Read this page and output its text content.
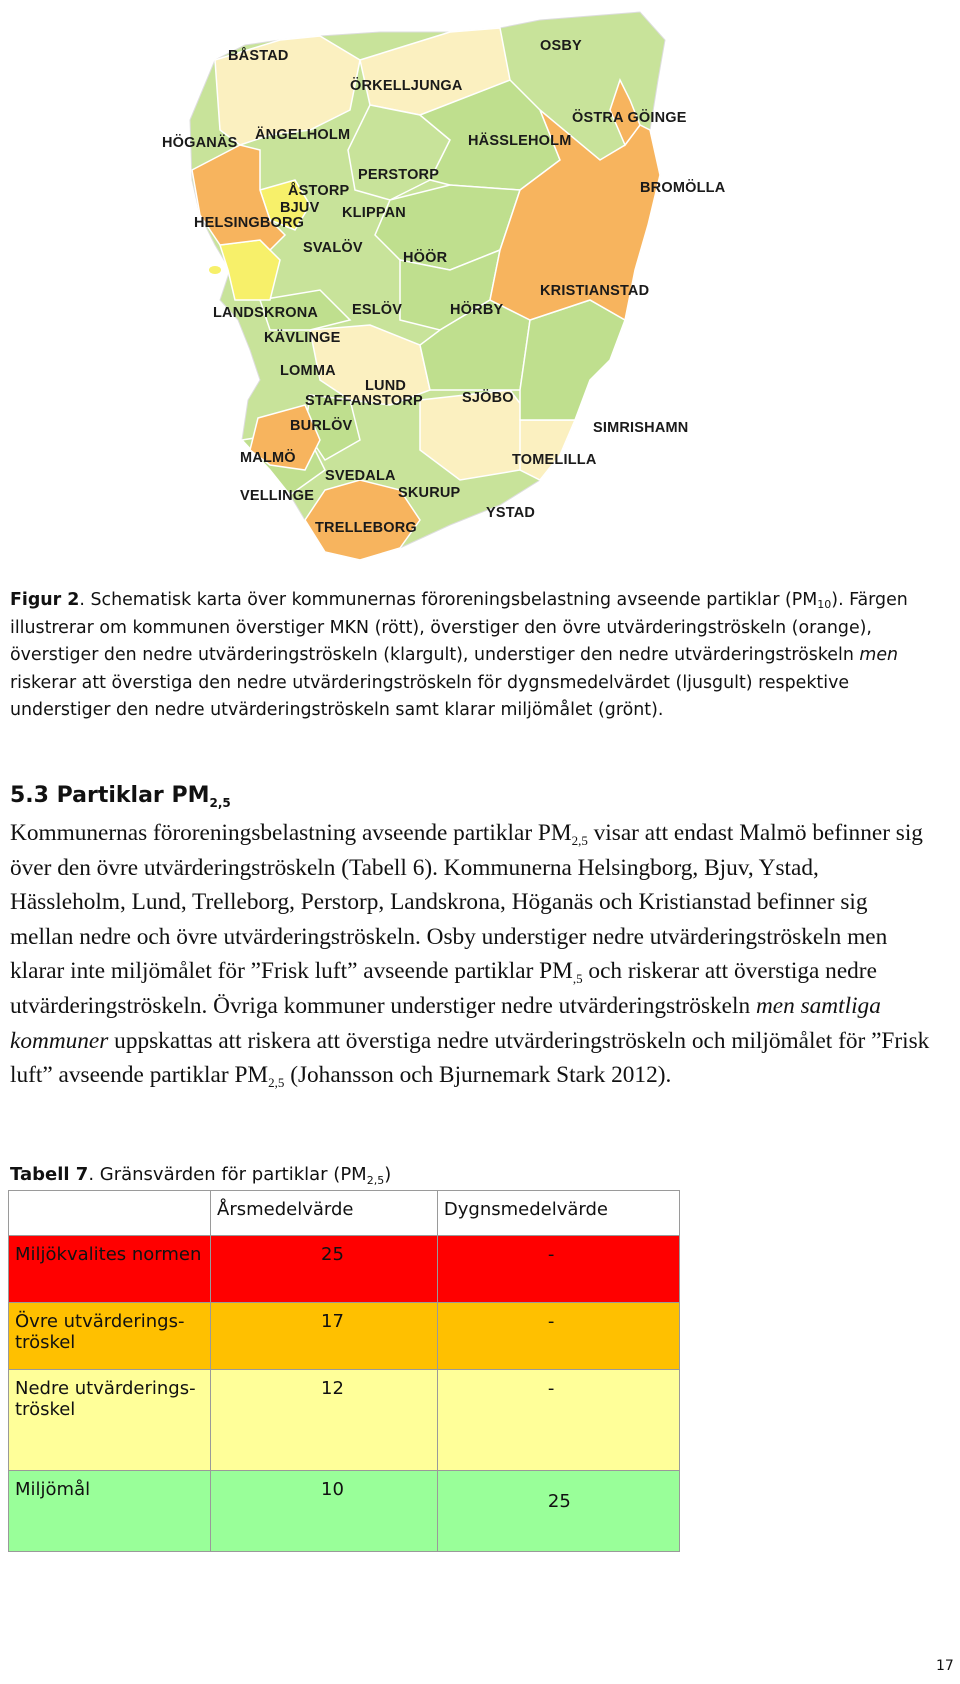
BÅSTAD
OSBY
ÖRKELLJUNGA
ÖSTRA GÖINGE
HÖGANÄS ÄNGELHOLM	HÄSSLEHOLM
PERSTORP
BROMÖLLA
ÅSTORP
BJUV
HELSINGBORG
KLIPPAN
SVALÖV
HÖÖR
KRISTIANSTAD
LANDSKRONA ESLÖV	HÖRBY
KÄVLINGE
LOMMA
LUND
STAFFANSTORP	SJÖBO
BURLÖV	SIMRISHAMN
MALMÖ	TOMELILLA
SVEDALA
VELLINGE	SKURUP
YSTAD
TRELLEBORG
Figur 2. Schematisk karta över kommunernas föroreningsbelastning avseende partiklar $(PM_{10})$. Färgen illustrerar om kommunen överstiger MKN (rött), överstiger den övre utvärderingströskeln (orange), överstiger den nedre utvärderingströskeln (klargult), understiger den nedre utvärderingströskeln men riskerar att överstiga den nedre utvärderingströskeln för dygnsmedelvärdet (ljusgult) respektive understiger den nedre utvärderingströskeln samt klarar miljömålet (grönt).
5.3 Partiklar $PM_{2,5}$
Kommunernas föroreningsbelastning avseende partiklar $PM_{2,5}$ visar att endast Malmö befinner sig över den övre utvärderingströskeln (Tabell 6). Kommunerna Helsingborg, Bjuv, Ystad, Hässleholm, Lund, Trelleborg, Perstorp, Landskrona, Höganäs och Kristianstad befinner sig mellan nedre och övre utvärderingströskeln. Osby understiger nedre utvärderingströskeln men klarar inte miljömålet för ”Frisk luft” avseende partiklar $PM_{,5}$ och riskerar att överstiga nedre utvärderingströskeln. Övriga kommuner understiger nedre utvärderingströskeln men samtliga kommuner uppskattas att riskera att överstiga nedre utvärderingströskeln och miljömålet för ”Frisk luft” avseende partiklar $PM_{2,5}$ (Johansson och Bjurnemark Stark 2012).
Tabell 7. Gränsvärden för partiklar $(PM_{2,5})$
	Årsmedelvärde	Dygnsmedelvärde
Miljökvalites normen	25	-
Övre utvärderings-tröskel	17	-
Nedre utvärderings-tröskel	12	-
Miljömål	10	25
17
